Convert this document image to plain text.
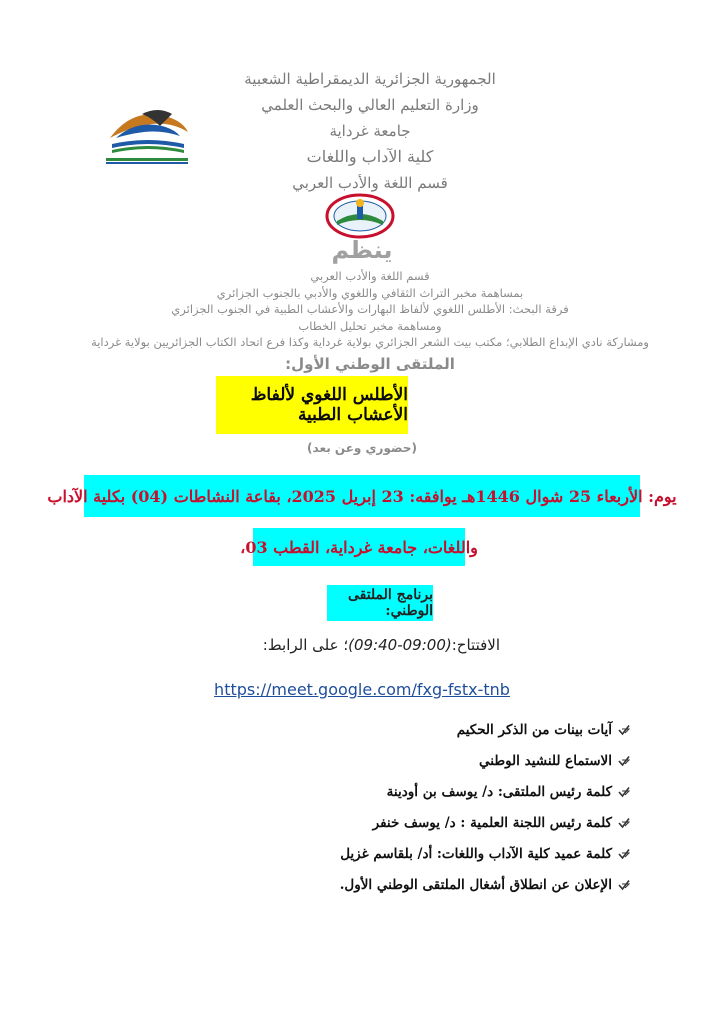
الجمهورية الجزائرية الديمقراطية الشعبية
وزارة التعليم العالي والبحث العلمي
جامعة غرداية
كلية الآداب واللغات
قسم اللغة والأدب العربي
ينظم
قسم اللغة والأدب العربي
بمساهمة مخبر التراث الثقافي واللغوي والأدبي بالجنوب الجزائري
فرقة البحث: الأطلس اللغوي لألفاظ البهارات والأعشاب الطبية في الجنوب الجزائري
ومساهمة مخبر تحليل الخطاب
ومشاركة نادي الإبداع الطلابي؛ مكتب بيت الشعر الجزائري بولاية غرداية وكذا فرع اتحاد الكتاب الجزائريين بولاية غرداية
الملتقى الوطني الأول:
الأطلس اللغوي لألفاظ الأعشاب الطبية
(حضوري وعن بعد)
يوم: الأربعاء 25 شوال 1446هـ يوافقه: 23 إبريل 2025، بقاعة النشاطات (04) بكلية الآداب
واللغات، جامعة غرداية، القطب 03،
برنامج الملتقى الوطني:
الافتتاح:(09:00-09:40)؛ على الرابط:
https://meet.google.com/fxg-fstx-tnb
آيات بينات من الذكر الحكيم
الاستماع للنشيد الوطني
كلمة رئيس الملتقى: د/ يوسف بن أودينة
كلمة رئيس اللجنة العلمية : د/ يوسف خنفر
كلمة عميد كلية الآداب واللغات: أد/ بلقاسم غزيل
الإعلان عن انطلاق أشغال الملتقى الوطني الأول.
